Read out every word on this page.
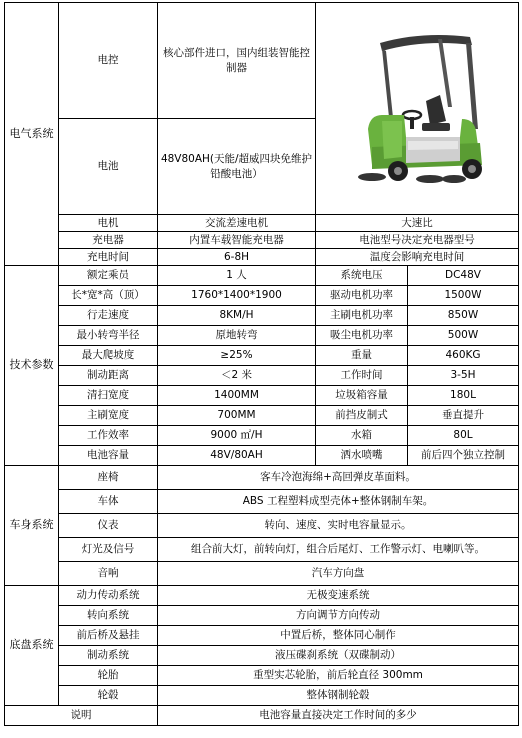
电气系统	电控	核心部件进口，国内组装智能控制器	

	电池	48V80AH(天能/超威四块免维护铅酸电池）		
	电机	交流差速电机	大速比	
	充电器	内置车载智能充电器	电池型号决定充电器型号	
	充电时间	6-8H	温度会影响充电时间	
技术参数	额定乘员	1 人	系统电压	DC48V
	长*宽*高（顶）	1760*1400*1900	驱动电机功率	1500W
	行走速度	8KM/H	主刷电机功率	850W
	最小转弯半径	原地转弯	吸尘电机功率	500W
	最大爬坡度	≥25%	重量	460KG
	制动距离	＜2 米	工作时间	3-5H
	清扫宽度	1400MM	垃圾箱容量	180L
	主刷宽度	700MM	前挡皮制式	垂直提升
	工作效率	9000 ㎡/H	水箱	80L
	电池容量	48V/80AH	洒水喷嘴	前后四个独立控制
车身系统	座椅	客车冷泡海绵+高回弹皮革面料。		
	车体	ABS 工程塑料成型壳体+整体钢制车架。		
	仪表	转向、速度、实时电容量显示。		
	灯光及信号	组合前大灯，前转向灯，组合后尾灯、工作警示灯、电喇叭等。		
	音响	汽车方向盘		
底盘系统	动力传动系统	无极变速系统		
	转向系统	方向调节方向传动		
	前后桥及悬挂	中置后桥，整体同心制作		
	制动系统	液压碟刹系统（双碟制动）		
	轮胎	重型实芯轮胎，前后轮直径 300mm		
	轮毂	整体钢制轮毂		
说明		电池容量直接决定工作时间的多少		
